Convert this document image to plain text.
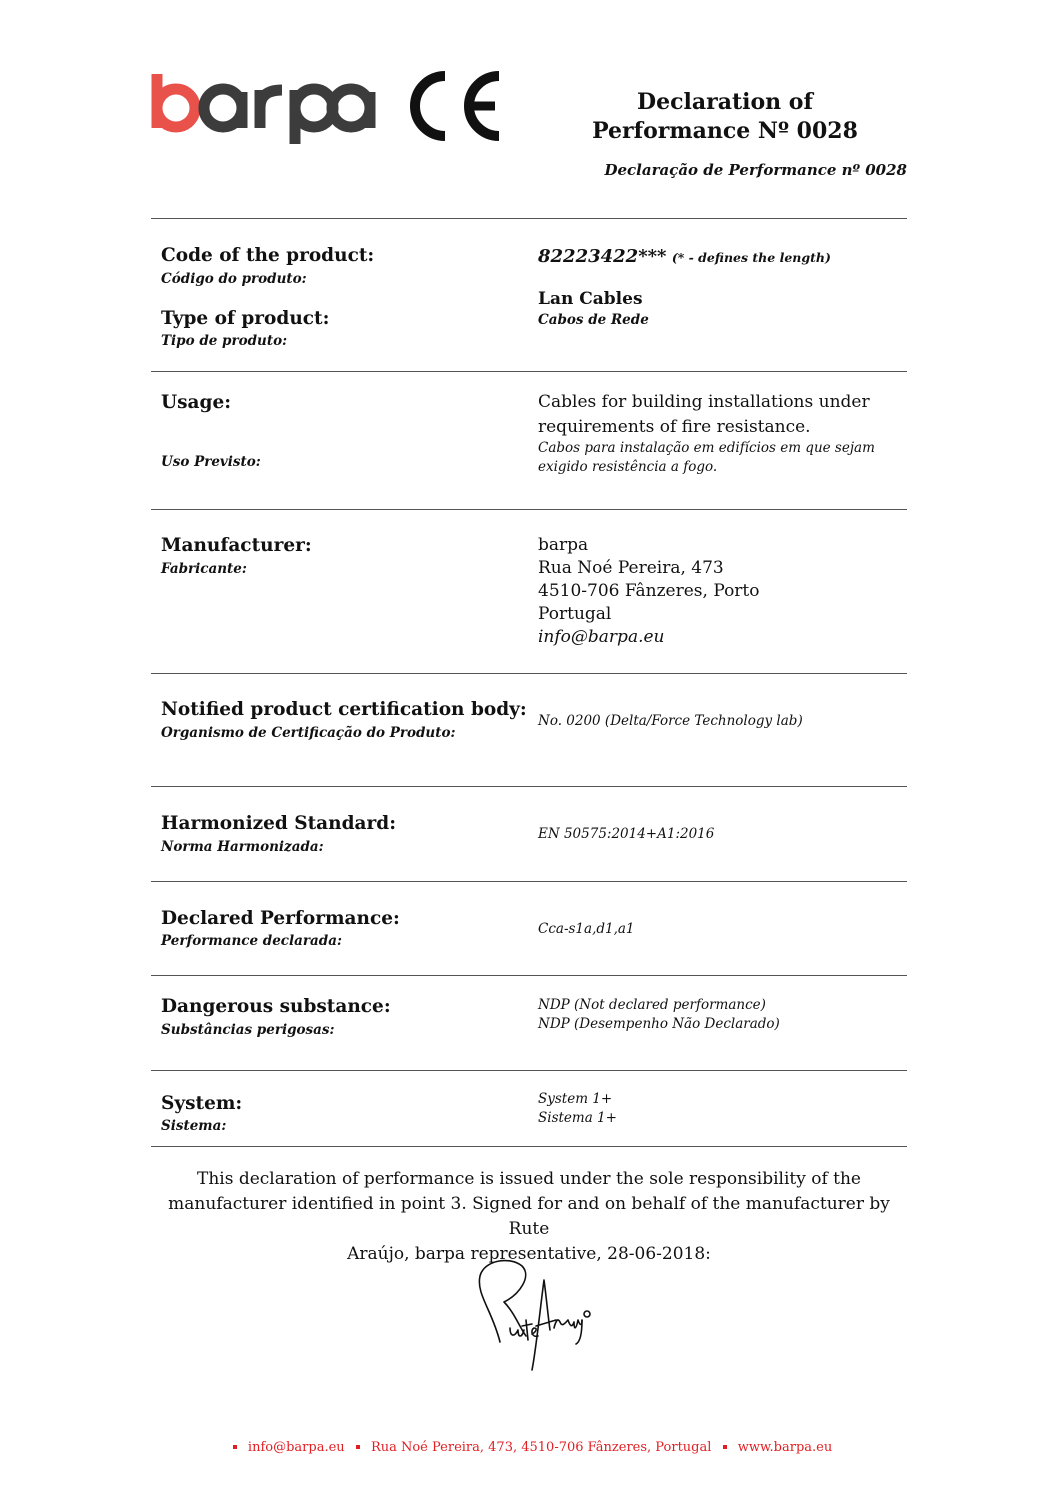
Declaration of
Performance Nº 0028
Declaração de Performance nº 0028
Code of the product:
Código do produto:
82223422*** (* - defines the length)
Type of product:
Tipo de produto:
Lan Cables
Cabos de Rede
Usage:
Uso Previsto:
Cables for building installations under
requirements of fire resistance.
Cabos para instalação em edifícios em que sejam
exigido resistência a fogo.
Manufacturer:
Fabricante:
barpa
Rua Noé Pereira, 473
4510-706 Fânzeres, Porto
Portugal
info@barpa.eu
Notified product certification body:
Organismo de Certificação do Produto:
No. 0200 (Delta/Force Technology lab)
Harmonized Standard:
Norma Harmonizada:
EN 50575:2014+A1:2016
Declared Performance:
Performance declarada:
Cca-s1a,d1,a1
Dangerous substance:
Substâncias perigosas:
NDP (Not declared performance)
NDP (Desempenho Não Declarado)
System:
Sistema:
System 1+
Sistema 1+
This declaration of performance is issued under the sole responsibility of the
manufacturer identified in point 3. Signed for and on behalf of the manufacturer by Rute
Araújo, barpa representative, 28-06-2018:
info@barpa.eu Rua Noé Pereira, 473, 4510-706 Fânzeres, Portugal www.barpa.eu
